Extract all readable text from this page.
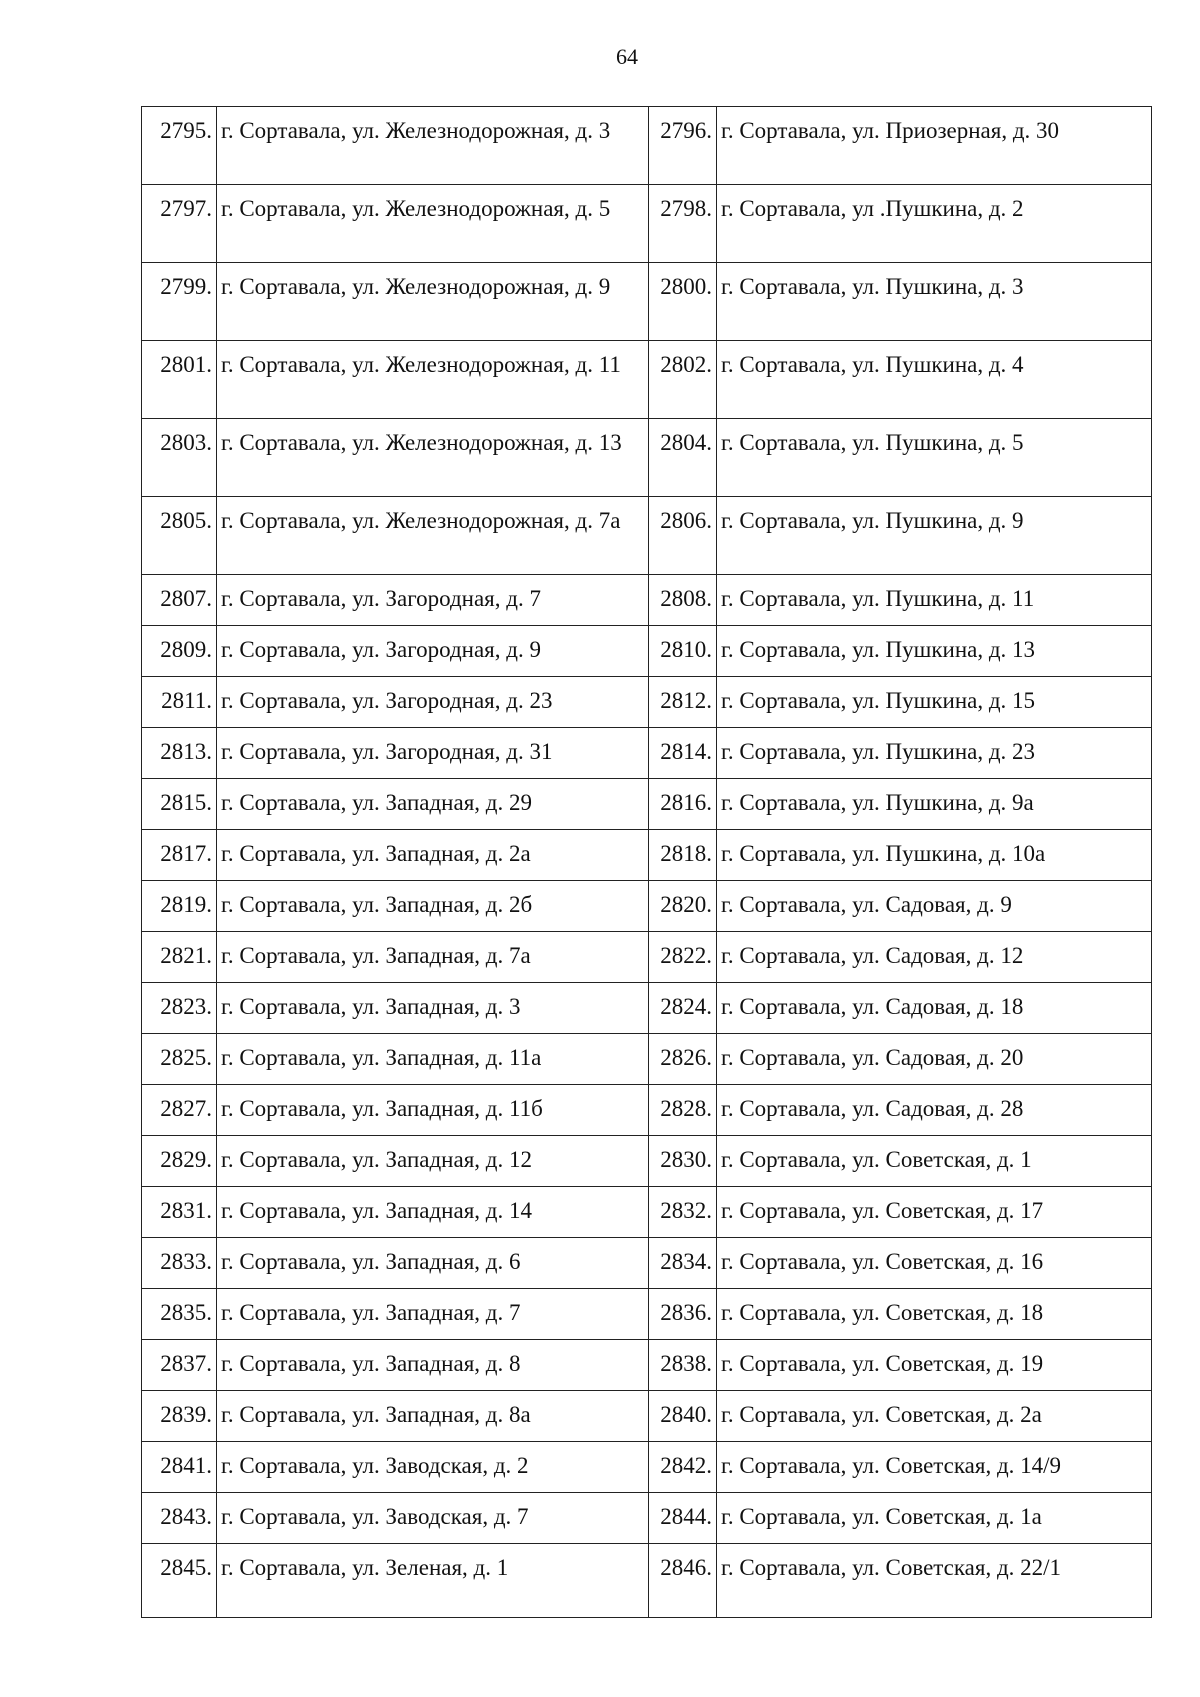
64
2795.	г. Сортавала, ул. Железнодорожная, д. 3	2796.	г. Сортавала, ул. Приозерная, д. 30
2797.	г. Сортавала, ул. Железнодорожная, д. 5	2798.	г. Сортавала, ул .Пушкина, д. 2
2799.	г. Сортавала, ул. Железнодорожная, д. 9	2800.	г. Сортавала, ул. Пушкина, д. 3
2801.	г. Сортавала, ул. Железнодорожная, д. 11	2802.	г. Сортавала, ул. Пушкина, д. 4
2803.	г. Сортавала, ул. Железнодорожная, д. 13	2804.	г. Сортавала, ул. Пушкина, д. 5
2805.	г. Сортавала, ул. Железнодорожная, д. 7а	2806.	г. Сортавала, ул. Пушкина, д. 9
2807.	г. Сортавала, ул. Загородная, д. 7	2808.	г. Сортавала, ул. Пушкина, д. 11
2809.	г. Сортавала, ул. Загородная, д. 9	2810.	г. Сортавала, ул. Пушкина, д. 13
2811.	г. Сортавала, ул. Загородная, д. 23	2812.	г. Сортавала, ул. Пушкина, д. 15
2813.	г. Сортавала, ул. Загородная, д. 31	2814.	г. Сортавала, ул. Пушкина, д. 23
2815.	г. Сортавала, ул. Западная, д. 29	2816.	г. Сортавала, ул. Пушкина, д. 9а
2817.	г. Сортавала, ул. Западная, д. 2а	2818.	г. Сортавала, ул. Пушкина, д. 10а
2819.	г. Сортавала, ул. Западная, д. 2б	2820.	г. Сортавала, ул. Садовая, д. 9
2821.	г. Сортавала, ул. Западная, д. 7а	2822.	г. Сортавала, ул. Садовая, д. 12
2823.	г. Сортавала, ул. Западная, д. 3	2824.	г. Сортавала, ул. Садовая, д. 18
2825.	г. Сортавала, ул. Западная, д. 11а	2826.	г. Сортавала, ул. Садовая, д. 20
2827.	г. Сортавала, ул. Западная, д. 11б	2828.	г. Сортавала, ул. Садовая, д. 28
2829.	г. Сортавала, ул. Западная, д. 12	2830.	г. Сортавала, ул. Советская, д. 1
2831.	г. Сортавала, ул. Западная, д. 14	2832.	г. Сортавала, ул. Советская, д. 17
2833.	г. Сортавала, ул. Западная, д. 6	2834.	г. Сортавала, ул. Советская, д. 16
2835.	г. Сортавала, ул. Западная, д. 7	2836.	г. Сортавала, ул. Советская, д. 18
2837.	г. Сортавала, ул. Западная, д. 8	2838.	г. Сортавала, ул. Советская, д. 19
2839.	г. Сортавала, ул. Западная, д. 8а	2840.	г. Сортавала, ул. Советская, д. 2а
2841.	г. Сортавала, ул. Заводская, д. 2	2842.	г. Сортавала, ул. Советская, д. 14/9
2843.	г. Сортавала, ул. Заводская, д. 7	2844.	г. Сортавала, ул. Советская, д. 1а
2845.	г. Сортавала, ул. Зеленая, д. 1	2846.	г. Сортавала, ул. Советская, д. 22/1
